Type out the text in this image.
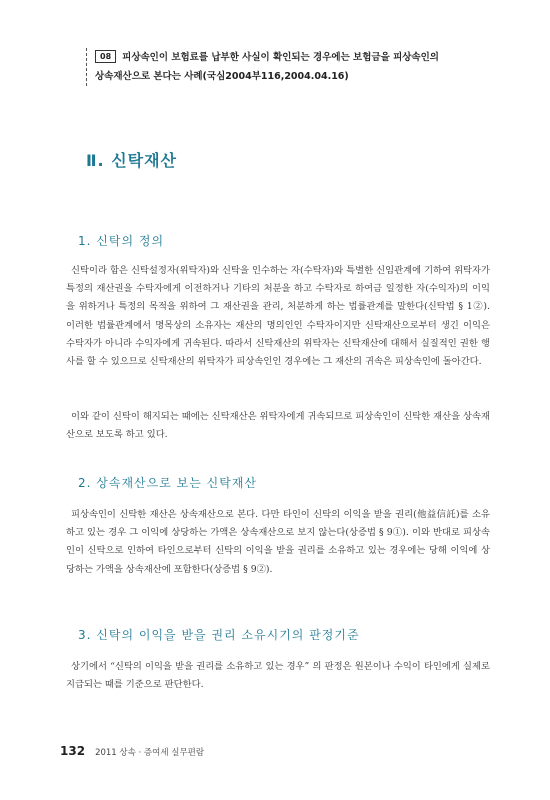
08 피상속인이 보험료를 납부한 사실이 확인되는 경우에는 보험금을 피상속인의
상속재산으로 본다는 사례(국심2004부116,2004.04.16)
Ⅱ. 신탁재산
1. 신탁의 정의

신탁이라 함은 신탁설정자(위탁자)와 신탁을 인수하는 자(수탁자)와 특별한 신임관계에 기하여 위탁자가 특정의 재산권을 수탁자에게 이전하거나 기타의 처분을 하고 수탁자로 하여금 일정한 자(수익자)의 이익을 위하거나 특정의 목적을 위하여 그 재산권을 관리, 처분하게 하는 법률관계를 말한다(신탁법 § 1②). 이러한 법률관계에서 명목상의 소유자는 재산의 명의인인 수탁자이지만 신탁재산으로부터 생긴 이익은 수탁자가 아니라 수익자에게 귀속된다. 따라서 신탁재산의 위탁자는 신탁재산에 대해서 실질적인 권한 행사를 할 수 있으므로 신탁재산의 위탁자가 피상속인인 경우에는 그 재산의 귀속은 피상속인에 돌아간다.

이와 같이 신탁이 해지되는 때에는 신탁재산은 위탁자에게 귀속되므로 피상속인이 신탁한 재산을 상속재산으로 보도록 하고 있다.

2. 상속재산으로 보는 신탁재산

피상속인이 신탁한 재산은 상속재산으로 본다. 다만 타인이 신탁의 이익을 받을 권리(他益信託)를 소유하고 있는 경우 그 이익에 상당하는 가액은 상속재산으로 보지 않는다(상증법 § 9①). 이와 반대로 피상속인이 신탁으로 인하여 타인으로부터 신탁의 이익을 받을 권리를 소유하고 있는 경우에는 당해 이익에 상당하는 가액을 상속재산에 포함한다(상증법 § 9②).

3. 신탁의 이익을 받을 권리 소유시기의 판정기준

상기에서 “신탁의 이익을 받을 권리를 소유하고 있는 경우” 의 판정은 원본이나 수익이 타인에게 실제로 지급되는 때를 기준으로 판단한다.

132 2011 상속 · 증여세 실무편람
